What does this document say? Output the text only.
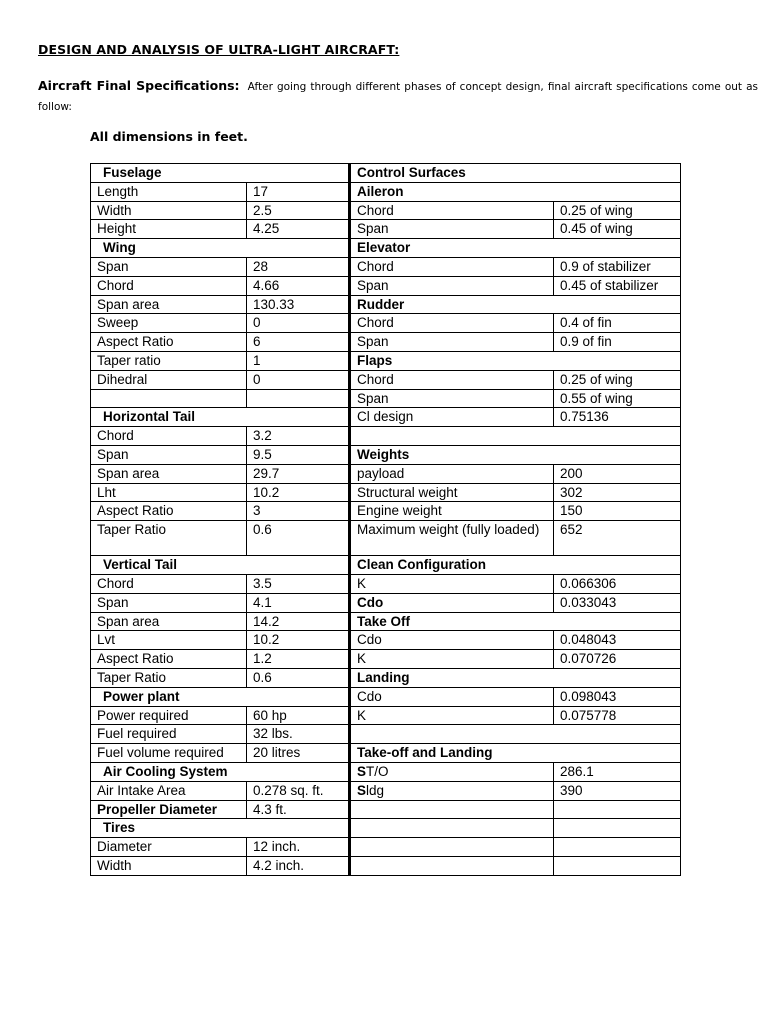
DESIGN AND ANALYSIS OF ULTRA-LIGHT AIRCRAFT:

Aircraft Final Specifications: After going through different phases of concept design, final aircraft specifications come out as follow:

All dimensions in feet.

Fuselage		Control Surfaces	
Length	17	Aileron	
Width	2.5	Chord	0.25 of wing
Height	4.25	Span	0.45 of wing
Wing		Elevator	
Span	28	Chord	0.9 of stabilizer
Chord	4.66	Span	0.45 of stabilizer
Span area	130.33	Rudder	
Sweep	0	Chord	0.4 of fin
Aspect Ratio	6	Span	0.9 of fin
Taper ratio	1	Flaps	
Dihedral	0	Chord	0.25 of wing
		Span	0.55 of wing
Horizontal Tail		Cl design	0.75136
Chord	3.2		
Span	9.5	Weights	
Span area	29.7	payload	200
Lht	10.2	Structural weight	302
Aspect Ratio	3	Engine weight	150
Taper Ratio	0.6	Maximum weight (fully loaded)	652
Vertical Tail		Clean Configuration	
Chord	3.5	K	0.066306
Span	4.1	Cdo	0.033043
Span area	14.2	Take Off	
Lvt	10.2	Cdo	0.048043
Aspect Ratio	1.2	K	0.070726
Taper Ratio	0.6	Landing	
Power plant		Cdo	0.098043
Power required	60 hp	K	0.075778
Fuel required	32 lbs.		
Fuel volume required	20 litres	Take-off and Landing	
Air Cooling System		ST/O	286.1
Air Intake Area	0.278 sq. ft.	Sldg	390
Propeller Diameter	4.3 ft.		
Tires			
Diameter	12 inch.		
Width	4.2 inch.		
